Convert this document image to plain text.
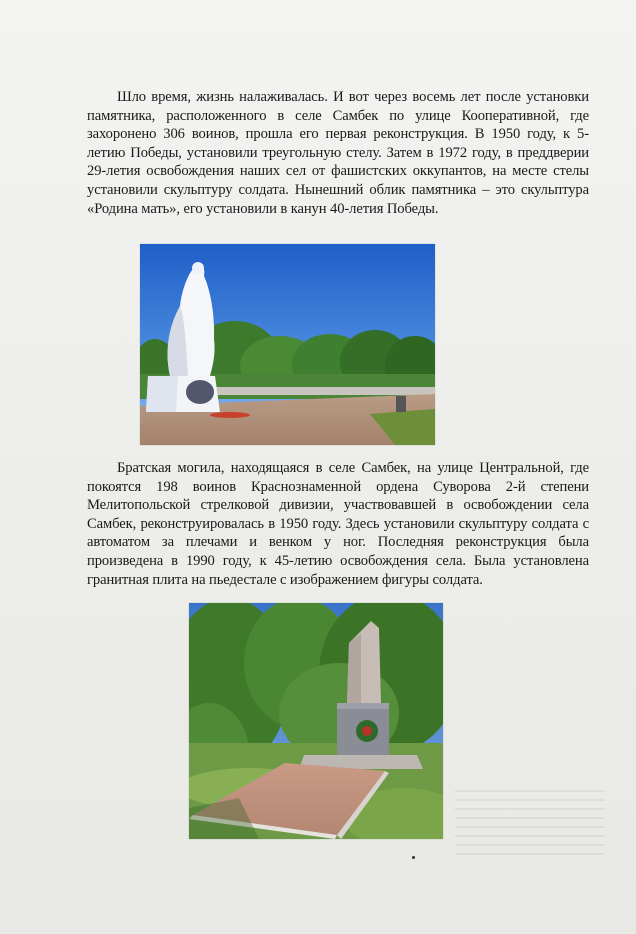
Шло время, жизнь налаживалась. И вот через восемь лет после установки памятника, расположенного в селе Самбек по улице Кооперативной, где захоронено 306 воинов, прошла его первая реконструкция. В 1950 году, к 5-летию Победы, установили треугольную стелу. Затем в 1972 году, в преддверии 29-летия освобождения наших сел от фашистских оккупантов, на месте стелы установили скульптуру солдата. Нынешний облик памятника – это скульптура «Родина мать», его установили в канун 40-летия Победы.

Братская могила, находящаяся в селе Самбек, на улице Центральной, где покоятся 198 воинов Краснознаменной ордена Суворова 2-й степени Мелитопольской стрелковой дивизии, участвовавшей в освобождении села Самбек, реконструировалась в 1950 году. Здесь установили скульптуру солдата с автоматом за плечами и венком у ног. Последняя реконструкция была произведена в 1990 году, к 45-летию освобождения села. Была установлена гранитная плита на пьедестале с изображением фигуры солдата.
